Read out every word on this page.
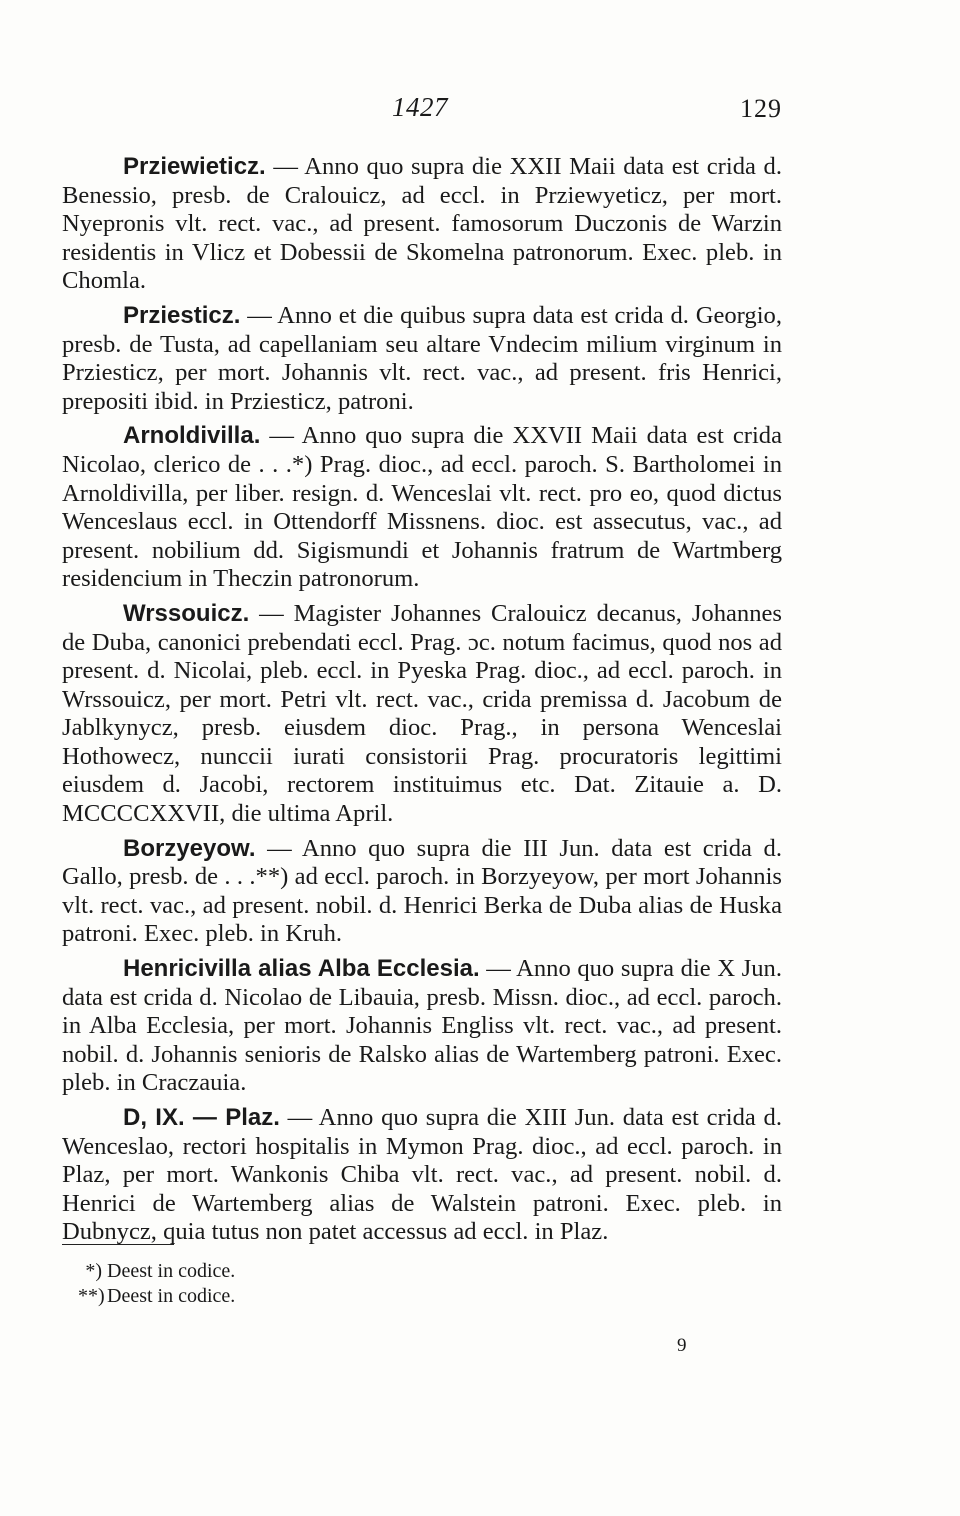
1427	129

Prziewieticz. — Anno quo supra die XXII Maii data est crida d. Benessio, presb. de Cralouicz, ad eccl. in Prziewyeticz, per mort. Nyepronis vlt. rect. vac., ad present. famosorum Duczonis de Warzin residentis in Vlicz et Dobessii de Skomelna patronorum. Exec. pleb. in Chomla.

Prziesticz. — Anno et die quibus supra data est crida d. Georgio, presb. de Tusta, ad capellaniam seu altare Vndecim milium virginum in Prziesticz, per mort. Johannis vlt. rect. vac., ad present. fris Henrici, prepositi ibid. in Prziesticz, patroni.

Arnoldivilla. — Anno quo supra die XXVII Maii data est crida Nicolao, clerico de . . .*) Prag. dioc., ad eccl. paroch. S. Bartholomei in Arnoldivilla, per liber. resign. d. Wenceslai vlt. rect. pro eo, quod dictus Wenceslaus eccl. in Ottendorff Missnens. dioc. est assecutus, vac., ad present. nobilium dd. Sigismundi et Johannis fratrum de Wartmberg residencium in Theczin patronorum.

Wrssouicz. — Magister Johannes Cralouicz decanus, Johannes de Duba, canonici prebendati eccl. Prag. ɔc. notum facimus, quod nos ad present. d. Nicolai, pleb. eccl. in Pyeska Prag. dioc., ad eccl. paroch. in Wrssouicz, per mort. Petri vlt. rect. vac., crida premissa d. Jacobum de Jablkynycz, presb. eiusdem dioc. Prag., in persona Wenceslai Hothowecz, nunccii iurati consistorii Prag. procuratoris legittimi eiusdem d. Jacobi, rectorem instituimus etc. Dat. Zitauie a. D. MCCCCXXVII, die ultima April.

Borzyeyow. — Anno quo supra die III Jun. data est crida d. Gallo, presb. de . . .**) ad eccl. paroch. in Borzyeyow, per mort Johannis vlt. rect. vac., ad present. nobil. d. Henrici Berka de Duba alias de Huska patroni. Exec. pleb. in Kruh.

Henricivilla alias Alba Ecclesia. — Anno quo supra die X Jun. data est crida d. Nicolao de Libauia, presb. Missn. dioc., ad eccl. paroch. in Alba Ecclesia, per mort. Johannis Engliss vlt. rect. vac., ad present. nobil. d. Johannis senioris de Ralsko alias de Wartemberg patroni. Exec. pleb. in Craczauia.

D, IX. — Plaz. — Anno quo supra die XIII Jun. data est crida d. Wenceslao, rectori hospitalis in Mymon Prag. dioc., ad eccl. paroch. in Plaz, per mort. Wankonis Chiba vlt. rect. vac., ad present. nobil. d. Henrici de Wartemberg alias de Walstein patroni. Exec. pleb. in Dubnycz, quia tutus non patet accessus ad eccl. in Plaz.

*) Deest in codice.
**) Deest in codice.
9
